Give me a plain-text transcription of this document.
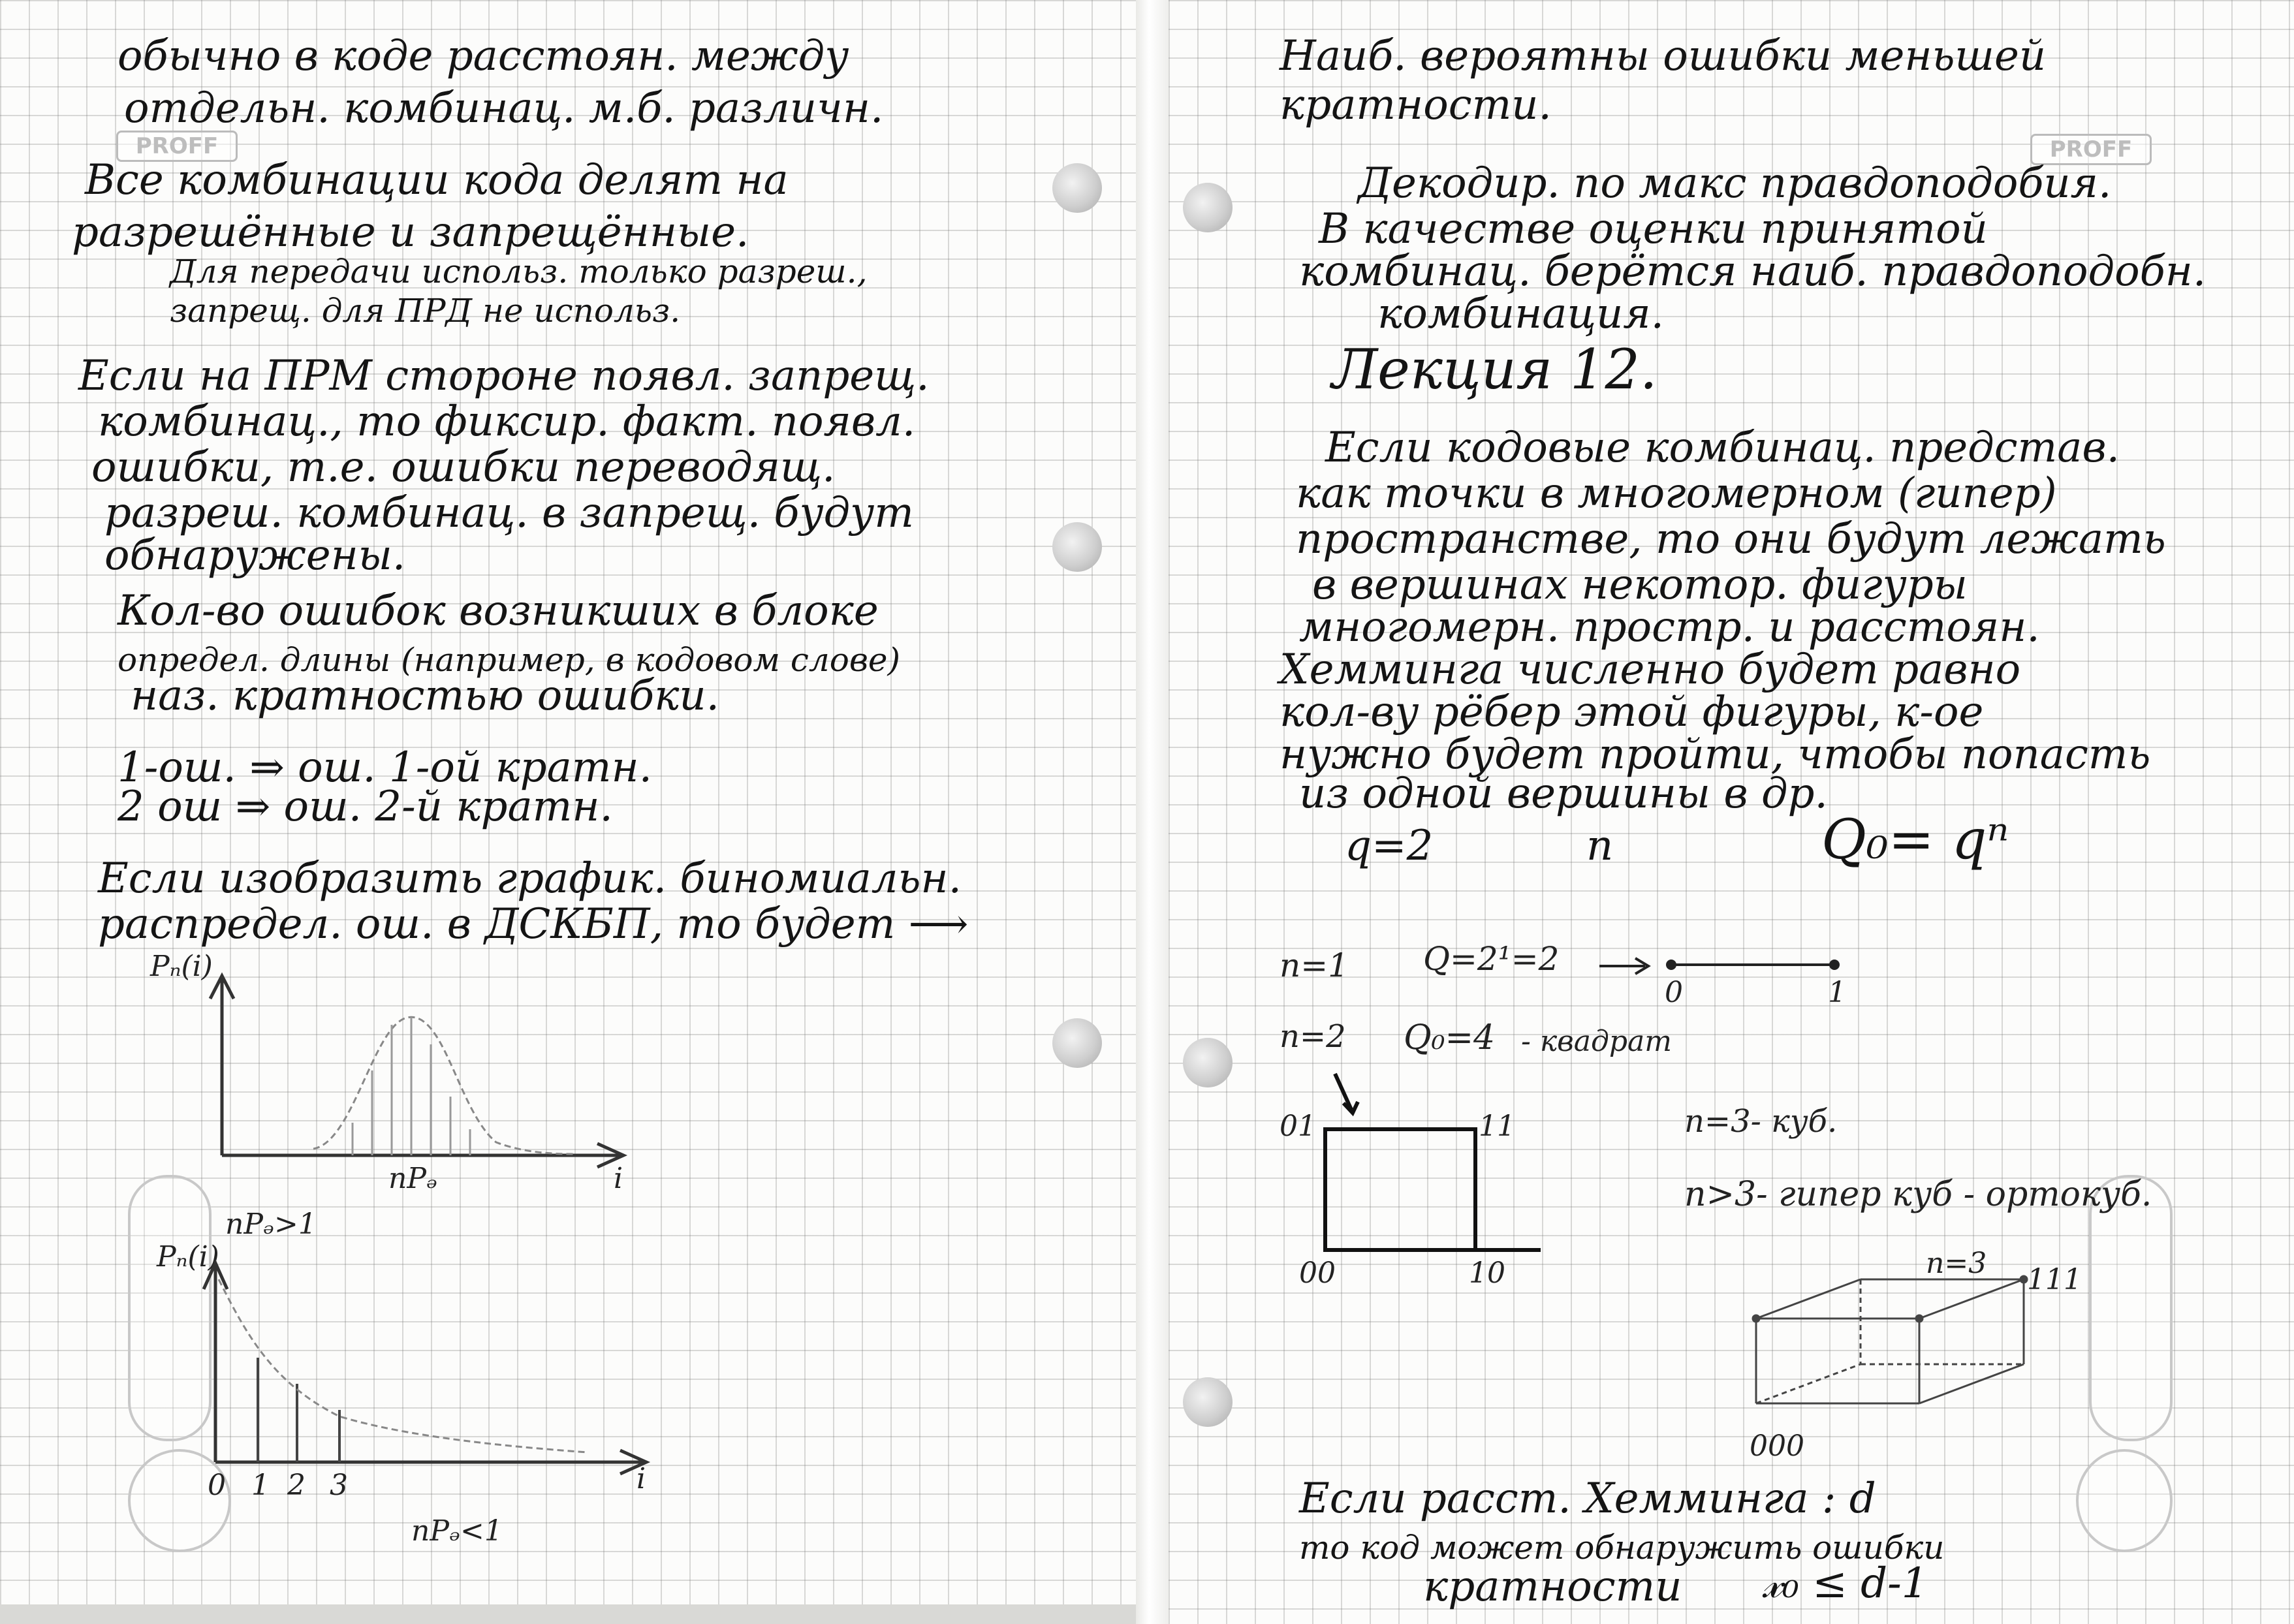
PROFF	PROFF
обычно в коде расстоян. между
отдельн. комбинац. м.б. различн.
Все комбинации кода делят на
разрешённые и запрещённые.
Для передачи использ. только разреш.,
запрещ. для ПРД не использ.
Если на ПРМ стороне появл. запрещ.
комбинац., то фиксир. факт. появл.
ошибки, т.е. ошибки переводящ.
разреш. комбинац. в запрещ. будут
обнаружены.
Кол-во ошибок возникших в блоке
определ. длины (например, в кодовом слове)
наз. кратностью ошибки.
1-ош. ⇒ ош. 1-ой кратн.
2 ош ⇒ ош. 2-й кратн.
Если изобразить график. биномиальн.
распредел. ош. в ДСКБП, то будет ⟶
Pₙ(i)
i
nPₔ
nPₔ>1
Pₙ(i)
i
0 1 2 3
nPₔ<1
Наиб. вероятны ошибки меньшей
кратности.
Декодир. по макс правдоподобия.
В качестве оценки принятой
комбинац. берётся наиб. правдоподобн.
комбинация.
Лекция 12.
Если кодовые комбинац. представ.
как точки в многомерном (гипер)
пространстве, то они будут лежать
в вершинах некотор. фигуры
многомерн. простр. и расстоян.
Хемминга численно будет равно
кол-ву рёбер этой фигуры, к-ое
нужно будет пройти, чтобы попасть
из одной вершины в др.
q=2	n	Q₀= qⁿ
n=1 Q=2¹=2
0	1
n=2 Q₀=4 - квадрат
01	11
00	10
n=3- куб.
n>3- гипер куб - ортокуб.
n=3 111
000
Если расст. Хемминга : d
то код может обнаружить ошибки
кратности 𝓍₀ ≤ d-1
